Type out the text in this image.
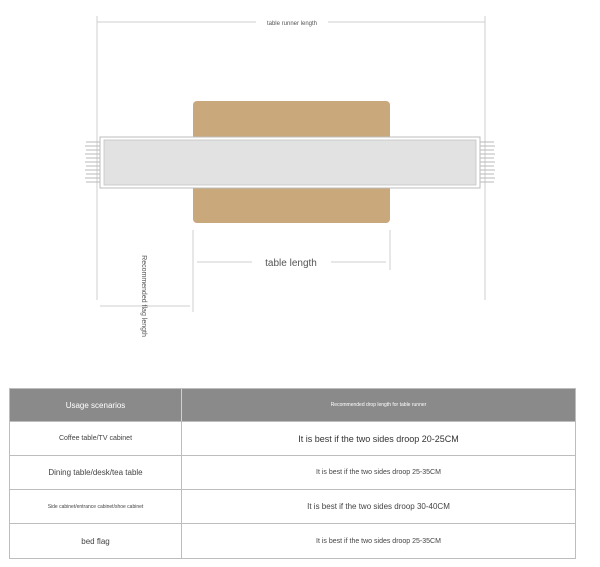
table runner length
table length
Recommended flag length
Usage scenarios	Recommended drop length for table runner
Coffee table/TV cabinet	It is best if the two sides droop 20-25CM
Dining table/desk/tea table	It is best if the two sides droop 25-35CM
Side cabinet/entrance cabinet/shoe cabinet	It is best if the two sides droop 30-40CM
bed flag	It is best if the two sides droop 25-35CM
